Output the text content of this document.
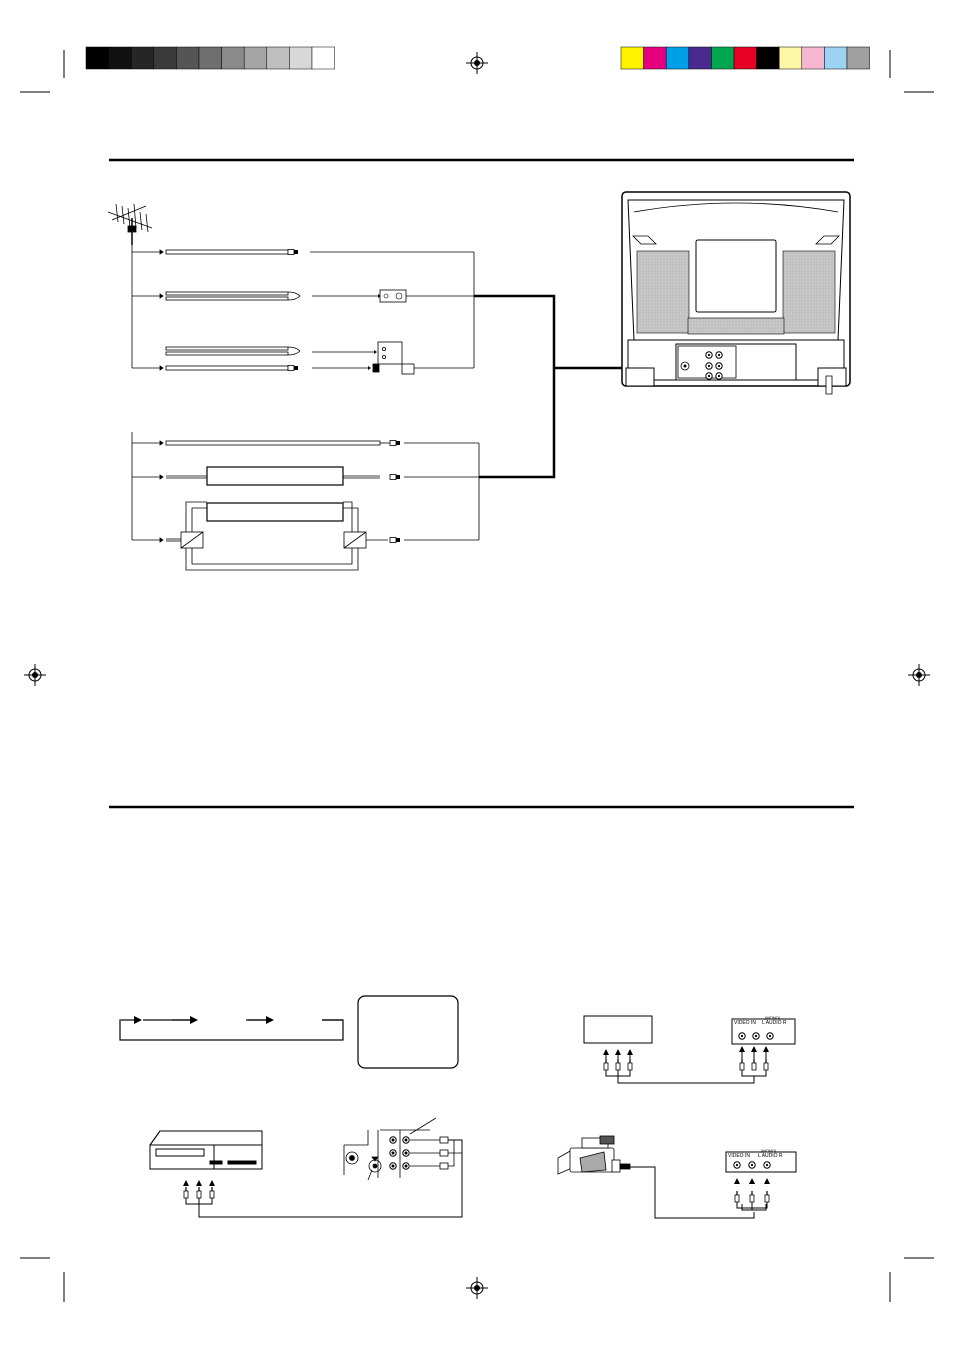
VIDEO IN L AUDIO R
(MONO)
VIDEO IN L AUDIO R
(MONO)
